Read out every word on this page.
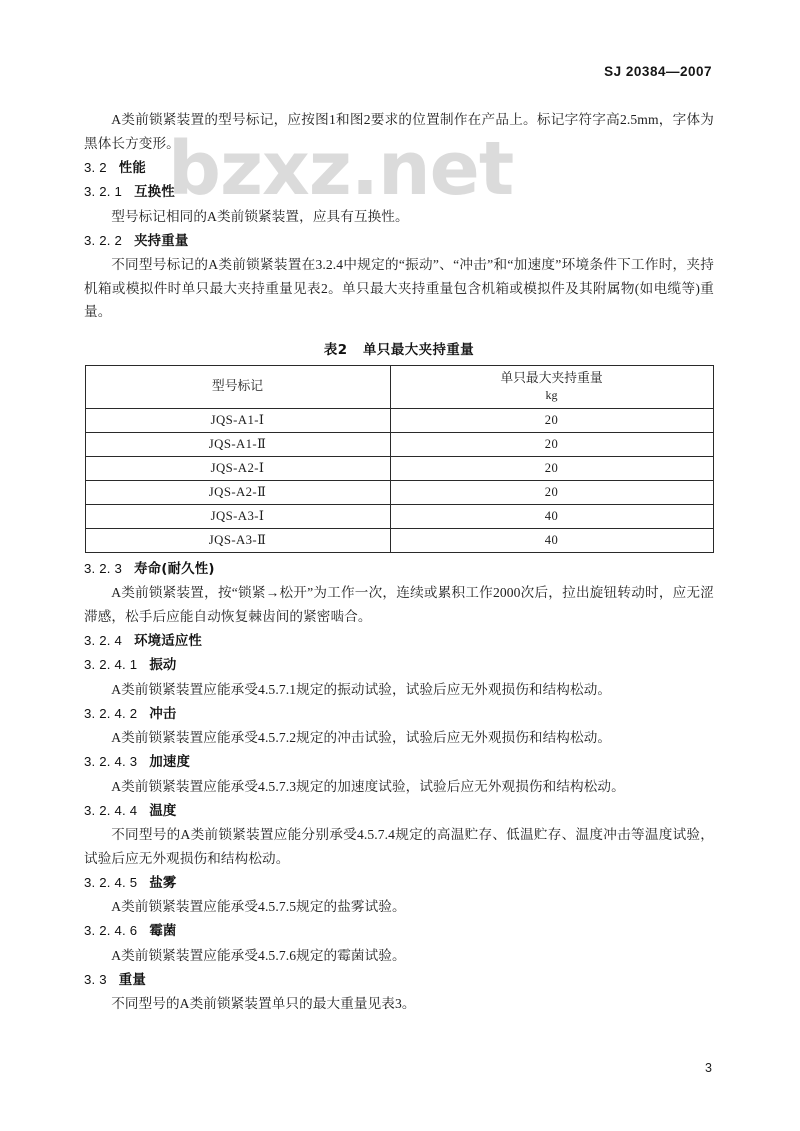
bzxz.net
SJ 20384—2007

A类前锁紧装置的型号标记，应按图1和图2要求的位置制作在产品上。标记字符字高2.5mm，字体为黑体长方变形。

3. 2 性能
3. 2. 1 互换性

型号标记相同的A类前锁紧装置，应具有互换性。

3. 2. 2 夹持重量

不同型号标记的A类前锁紧装置在3.2.4中规定的“振动”、“冲击”和“加速度”环境条件下工作时，夹持机箱或模拟件时单只最大夹持重量见表2。单只最大夹持重量包含机箱或模拟件及其附属物(如电缆等)重量。

表2 单只最大夹持重量
型号标记	单只最大夹持重量
kg

JQS-A1-Ⅰ	20
JQS-A1-Ⅱ	20
JQS-A2-Ⅰ	20
JQS-A2-Ⅱ	20
JQS-A3-Ⅰ	40
JQS-A3-Ⅱ	40
3. 2. 3 寿命(耐久性)

A类前锁紧装置，按“锁紧→松开”为工作一次，连续或累积工作2000次后，拉出旋钮转动时，应无涩滞感，松手后应能自动恢复棘齿间的紧密啮合。

3. 2. 4 环境适应性
3. 2. 4. 1 振动

A类前锁紧装置应能承受4.5.7.1规定的振动试验，试验后应无外观损伤和结构松动。

3. 2. 4. 2 冲击

A类前锁紧装置应能承受4.5.7.2规定的冲击试验，试验后应无外观损伤和结构松动。

3. 2. 4. 3 加速度

A类前锁紧装置应能承受4.5.7.3规定的加速度试验，试验后应无外观损伤和结构松动。

3. 2. 4. 4 温度

不同型号的A类前锁紧装置应能分别承受4.5.7.4规定的高温贮存、低温贮存、温度冲击等温度试验，试验后应无外观损伤和结构松动。

3. 2. 4. 5 盐雾

A类前锁紧装置应能承受4.5.7.5规定的盐雾试验。

3. 2. 4. 6 霉菌

A类前锁紧装置应能承受4.5.7.6规定的霉菌试验。

3. 3 重量

不同型号的A类前锁紧装置单只的最大重量见表3。

3
